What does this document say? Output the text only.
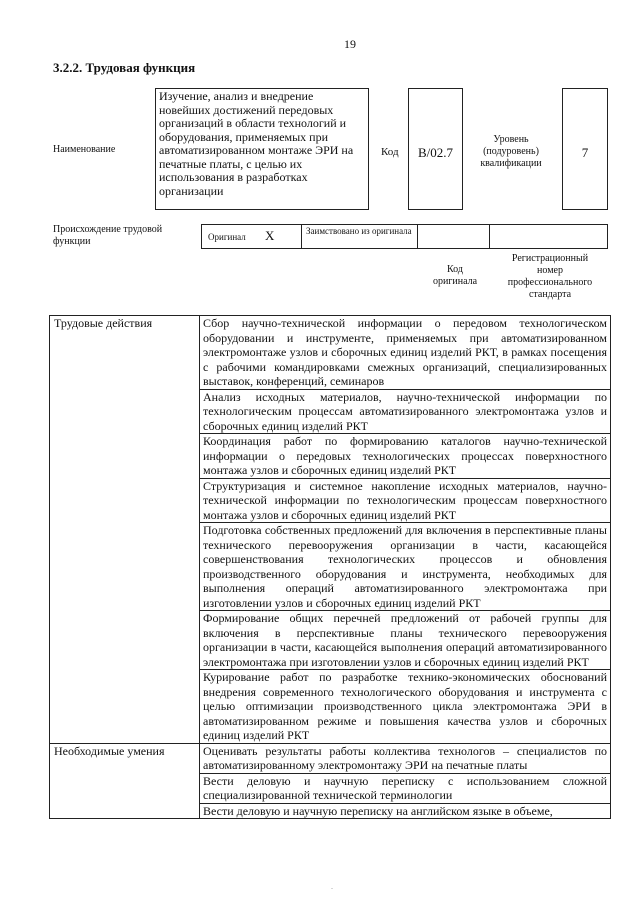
19
3.2.2. Трудовая функция
Наименование
Изучение, анализ и внедрение новейших достижений передовых организаций в области технологий и оборудования, применяемых при автоматизированном монтаже ЭРИ на печатные платы, с целью их использования в разработках организации
Код	B/02.7
Уровень (подуровень) квалификации
7
Происхождение трудовой функции	Оригинал X	Заимствовано из оригинала
Код оригинала
Регистрационный номер профессионального стандарта
Трудовые действия	Сбор научно-технической информации о передовом технологическом оборудовании и инструменте, применяемых при автоматизированном электромонтаже узлов и сборочных единиц изделий РКТ, в рамках посещения с рабочими командировками смежных организаций, специализированных выставок, конференций, семинаров
	Анализ исходных материалов, научно-технической информации по технологическим процессам автоматизированного электромонтажа узлов и сборочных единиц изделий РКТ
	Координация работ по формированию каталогов научно-технической информации о передовых технологических процессах поверхностного монтажа узлов и сборочных единиц изделий РКТ
	Структуризация и системное накопление исходных материалов, научно-технической информации по технологическим процессам поверхностного монтажа узлов и сборочных единиц изделий РКТ
	Подготовка собственных предложений для включения в перспективные планы технического перевооружения организации в части, касающейся совершенствования технологических процессов и обновления производственного оборудования и инструмента, необходимых для выполнения операций автоматизированного электромонтажа при изготовлении узлов и сборочных единиц изделий РКТ
	Формирование общих перечней предложений от рабочей группы для включения в перспективные планы технического перевооружения организации в части, касающейся выполнения операций автоматизированного электромонтажа при изготовлении узлов и сборочных единиц изделий РКТ
	Курирование работ по разработке технико-экономических обоснований внедрения современного технологического оборудования и инструмента с целью оптимизации производственного цикла электромонтажа ЭРИ в автоматизированном режиме и повышения качества узлов и сборочных единиц изделий РКТ
Необходимые умения	Оценивать результаты работы коллектива технологов – специалистов по автоматизированному электромонтажу ЭРИ на печатные платы
	Вести деловую и научную переписку с использованием сложной специализированной технической терминологии
	Вести деловую и научную переписку на английском языке в объеме,
.
